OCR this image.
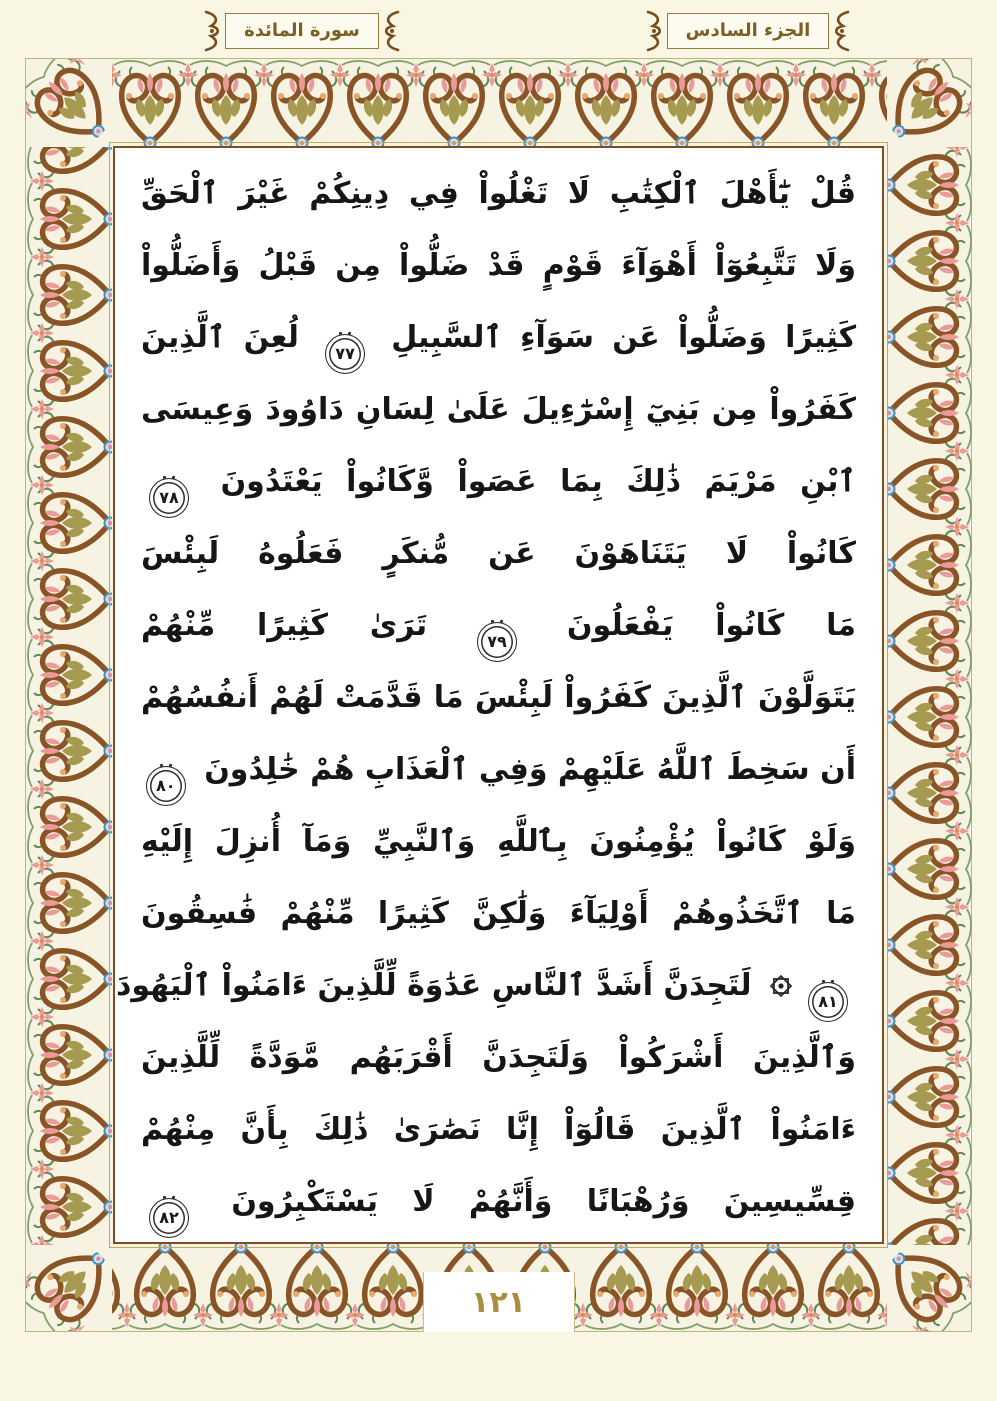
سورة المائدة	الجزء السادس
قُلْ يَٰٓأَهْلَ ٱلْكِتَٰبِ لَا تَغْلُواْ فِي دِينِكُمْ غَيْرَ ٱلْحَقِّ
وَلَا تَتَّبِعُوٓاْ أَهْوَآءَ قَوْمٍ قَدْ ضَلُّواْ مِن قَبْلُ وَأَضَلُّواْ
كَثِيرًا وَضَلُّواْ عَن سَوَآءِ ٱلسَّبِيلِ ٧٧ لُعِنَ ٱلَّذِينَ
كَفَرُواْ مِن بَنِيٓ إِسْرَٰٓءِيلَ عَلَىٰ لِسَانِ دَاوُودَ وَعِيسَى
ٱبْنِ مَرْيَمَ ذَٰلِكَ بِمَا عَصَواْ وَّكَانُواْ يَعْتَدُونَ ٧٨
كَانُواْ لَا يَتَنَاهَوْنَ عَن مُّنكَرٍ فَعَلُوهُ لَبِئْسَ
مَا كَانُواْ يَفْعَلُونَ ٧٩ تَرَىٰ كَثِيرًا مِّنْهُمْ
يَتَوَلَّوْنَ ٱلَّذِينَ كَفَرُواْ لَبِئْسَ مَا قَدَّمَتْ لَهُمْ أَنفُسُهُمْ
أَن سَخِطَ ٱللَّهُ عَلَيْهِمْ وَفِي ٱلْعَذَابِ هُمْ خَٰلِدُونَ ٨٠
وَلَوْ كَانُواْ يُؤْمِنُونَ بِٱللَّهِ وَٱلنَّبِيِّ وَمَآ أُنزِلَ إِلَيْهِ
مَا ٱتَّخَذُوهُمْ أَوْلِيَآءَ وَلَٰكِنَّ كَثِيرًا مِّنْهُمْ فَٰسِقُونَ
٨١ لَتَجِدَنَّ أَشَدَّ ٱلنَّاسِ عَدَٰوَةً لِّلَّذِينَ ءَامَنُواْ ٱلْيَهُودَ
وَٱلَّذِينَ أَشْرَكُواْ وَلَتَجِدَنَّ أَقْرَبَهُم مَّوَدَّةً لِّلَّذِينَ
ءَامَنُواْ ٱلَّذِينَ قَالُوٓاْ إِنَّا نَصَٰرَىٰ ذَٰلِكَ بِأَنَّ مِنْهُمْ
قِسِّيسِينَ وَرُهْبَانًا وَأَنَّهُمْ لَا يَسْتَكْبِرُونَ ٨٢
١٢١
